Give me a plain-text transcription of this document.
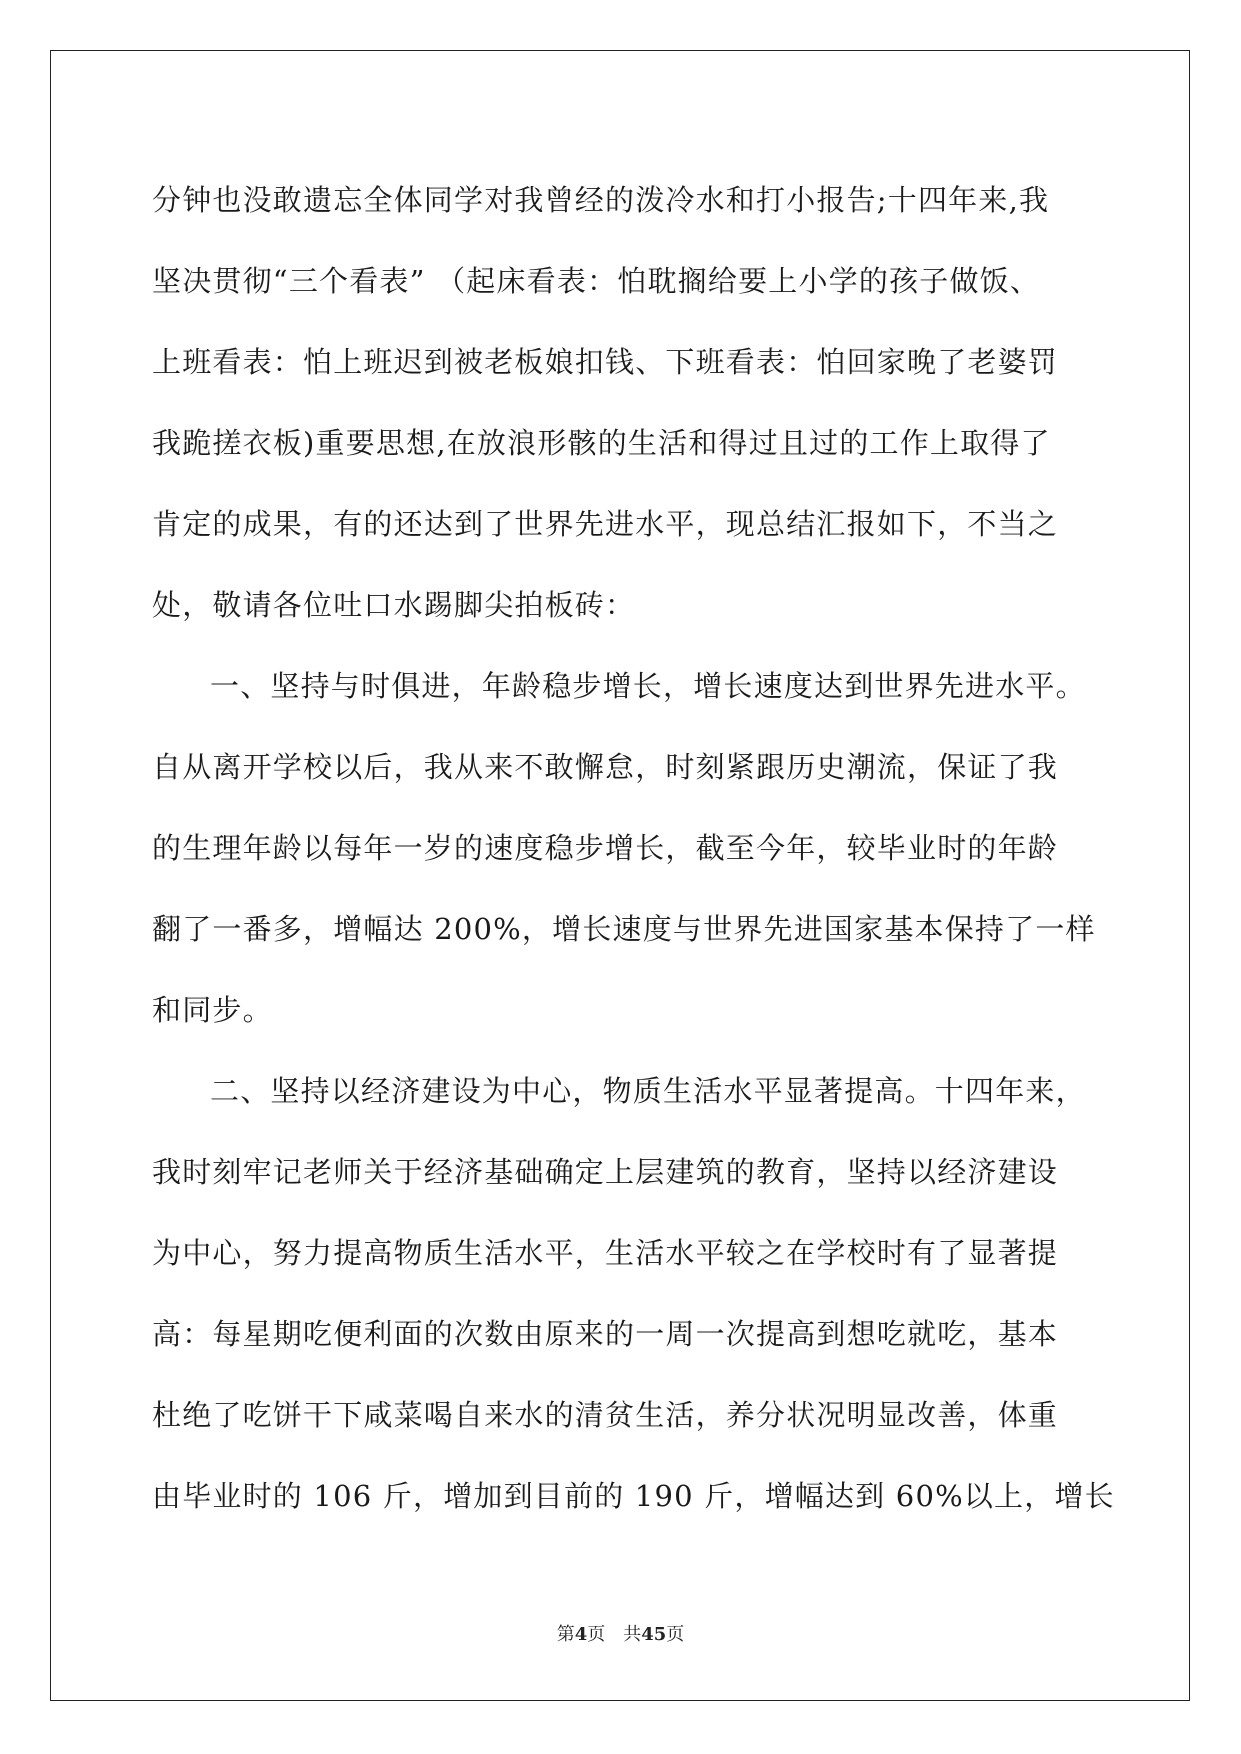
分钟也没敢遗忘全体同学对我曾经的泼冷水和打小报告;十四年来,我
坚决贯彻“三个看表” （起床看表：怕耽搁给要上小学的孩子做饭、
上班看表：怕上班迟到被老板娘扣钱、下班看表：怕回家晚了老婆罚
我跪搓衣板)重要思想,在放浪形骸的生活和得过且过的工作上取得了
肯定的成果，有的还达到了世界先进水平，现总结汇报如下，不当之
处，敬请各位吐口水踢脚尖拍板砖：
一、坚持与时俱进，年龄稳步增长，增长速度达到世界先进水平。
自从离开学校以后，我从来不敢懈怠，时刻紧跟历史潮流，保证了我
的生理年龄以每年一岁的速度稳步增长，截至今年，较毕业时的年龄
翻了一番多，增幅达 200%，增长速度与世界先进国家基本保持了一样
和同步。
二、坚持以经济建设为中心，物质生活水平显著提高。十四年来，
我时刻牢记老师关于经济基础确定上层建筑的教育，坚持以经济建设
为中心，努力提高物质生活水平，生活水平较之在学校时有了显著提
高：每星期吃便利面的次数由原来的一周一次提高到想吃就吃，基本
杜绝了吃饼干下咸菜喝自来水的清贫生活，养分状况明显改善，体重
由毕业时的 106 斤，增加到目前的 190 斤，增幅达到 60%以上，增长
第4页 共45页
